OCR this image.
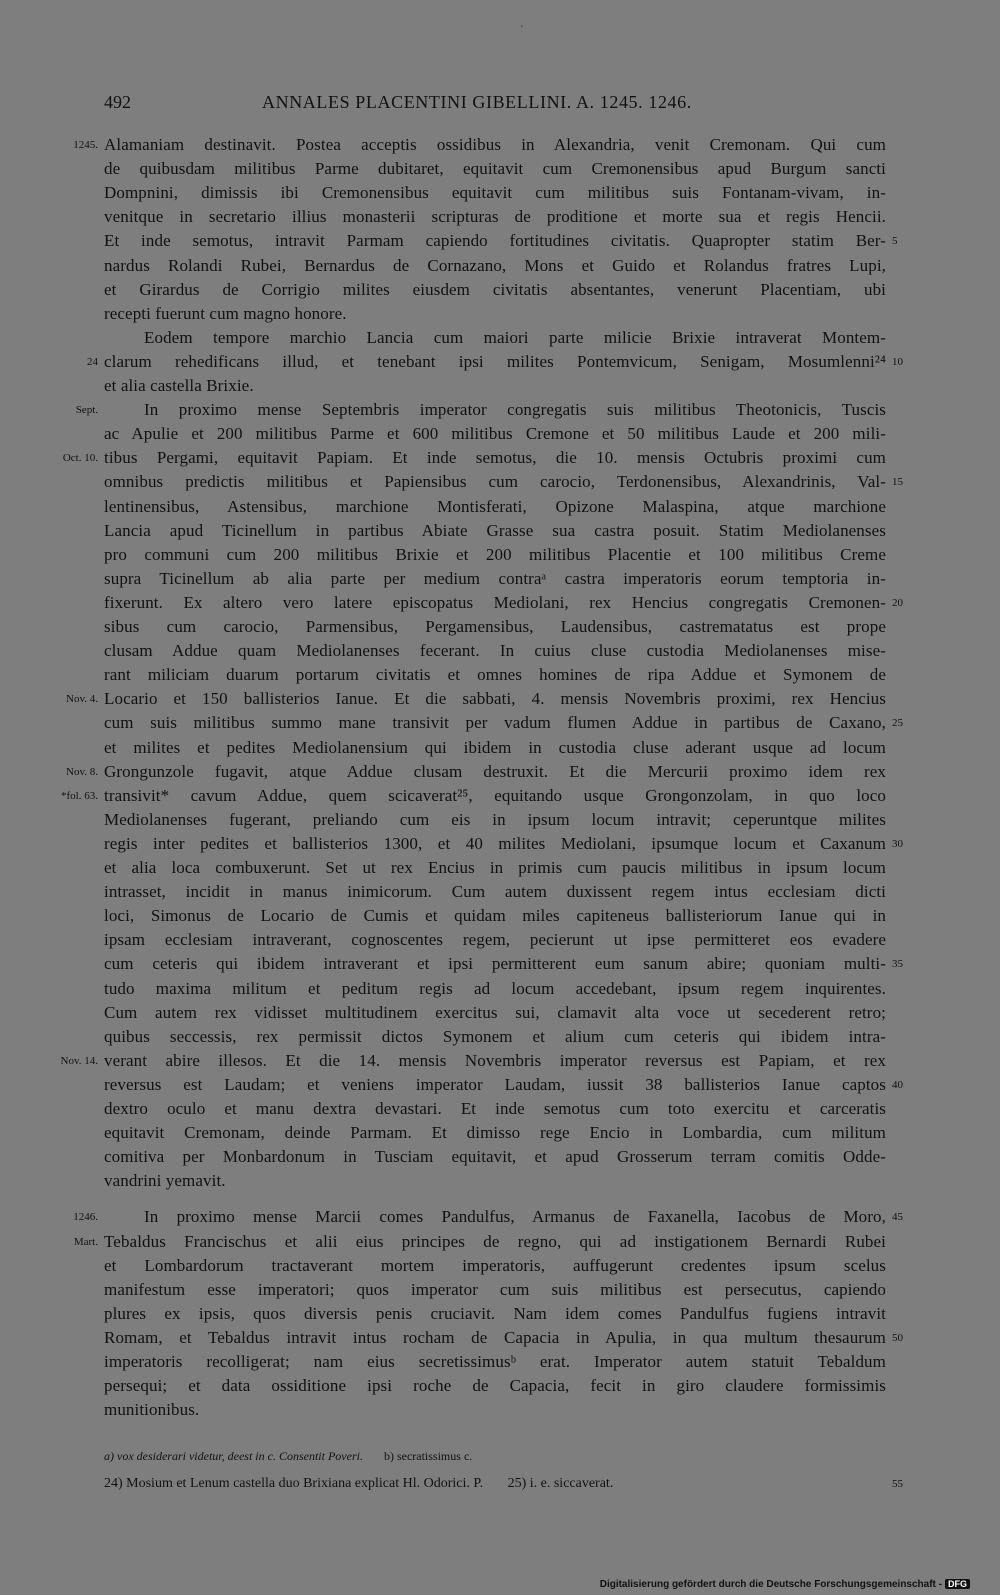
'
492	ANNALES PLACENTINI GIBELLINI. A. 1245. 1246.
Alamaniam destinavit. Postea acceptis ossidibus in Alexandria, venit Cremonam. Qui cum
de quibusdam militibus Parme dubitaret, equitavit cum Cremonensibus apud Burgum sancti
Dompnini, dimissis ibi Cremonensibus equitavit cum militibus suis Fontanam-vivam, in-
venitque in secretario illius monasterii scripturas de proditione et morte sua et regis Hencii.
Et inde semotus, intravit Parmam capiendo fortitudines civitatis. Quapropter statim Ber-
nardus Rolandi Rubei, Bernardus de Cornazano, Mons et Guido et Rolandus fratres Lupi,
et Girardus de Corrigio milites eiusdem civitatis absentantes, venerunt Placentiam, ubi
recepti fuerunt cum magno honore.
Eodem tempore marchio Lancia cum maiori parte milicie Brixie intraverat Montem-
clarum rehedificans illud, et tenebant ipsi milites Pontemvicum, Senigam, Mosumlenni²⁴
et alia castella Brixie.
In proximo mense Septembris imperator congregatis suis militibus Theotonicis, Tuscis
ac Apulie et 200 militibus Parme et 600 militibus Cremone et 50 militibus Laude et 200 mili-
tibus Pergami, equitavit Papiam. Et inde semotus, die 10. mensis Octubris proximi cum
omnibus predictis militibus et Papiensibus cum carocio, Terdonensibus, Alexandrinis, Val-
lentinensibus, Astensibus, marchione Montisferati, Opizone Malaspina, atque marchione
Lancia apud Ticinellum in partibus Abiate Grasse sua castra posuit. Statim Mediolanenses
pro communi cum 200 militibus Brixie et 200 militibus Placentie et 100 militibus Creme
supra Ticinellum ab alia parte per medium contraᵃ castra imperatoris eorum temptoria in-
fixerunt. Ex altero vero latere episcopatus Mediolani, rex Hencius congregatis Cremonen-
sibus cum carocio, Parmensibus, Pergamensibus, Laudensibus, castrematatus est prope
clusam Addue quam Mediolanenses fecerant. In cuius cluse custodia Mediolanenses mise-
rant miliciam duarum portarum civitatis et omnes homines de ripa Addue et Symonem de
Locario et 150 ballisterios Ianue. Et die sabbati, 4. mensis Novembris proximi, rex Hencius
cum suis militibus summo mane transivit per vadum flumen Addue in partibus de Caxano,
et milites et pedites Mediolanensium qui ibidem in custodia cluse aderant usque ad locum
Grongunzole fugavit, atque Addue clusam destruxit. Et die Mercurii proximo idem rex
transivit* cavum Addue, quem scicaverat²⁵, equitando usque Grongonzolam, in quo loco
Mediolanenses fugerant, preliando cum eis in ipsum locum intravit; ceperuntque milites
regis inter pedites et ballisterios 1300, et 40 milites Mediolani, ipsumque locum et Caxanum
et alia loca combuxerunt. Set ut rex Encius in primis cum paucis militibus in ipsum locum
intrasset, incidit in manus inimicorum. Cum autem duxissent regem intus ecclesiam dicti
loci, Simonus de Locario de Cumis et quidam miles capiteneus ballisteriorum Ianue qui in
ipsam ecclesiam intraverant, cognoscentes regem, pecierunt ut ipse permitteret eos evadere
cum ceteris qui ibidem intraverant et ipsi permitterent eum sanum abire; quoniam multi-
tudo maxima militum et peditum regis ad locum accedebant, ipsum regem inquirentes.
Cum autem rex vidisset multitudinem exercitus sui, clamavit alta voce ut secederent retro;
quibus seccessis, rex permissit dictos Symonem et alium cum ceteris qui ibidem intra-
verant abire illesos. Et die 14. mensis Novembris imperator reversus est Papiam, et rex
reversus est Laudam; et veniens imperator Laudam, iussit 38 ballisterios Ianue captos
dextro oculo et manu dextra devastari. Et inde semotus cum toto exercitu et carceratis
equitavit Cremonam, deinde Parmam. Et dimisso rege Encio in Lombardia, cum militum
comitiva per Monbardonum in Tusciam equitavit, et apud Grosserum terram comitis Odde-
vandrini yemavit.
In proximo mense Marcii comes Pandulfus, Armanus de Faxanella, Iacobus de Moro,
Tebaldus Francischus et alii eius principes de regno, qui ad instigationem Bernardi Rubei
et Lombardorum tractaverant mortem imperatoris, auffugerunt credentes ipsum scelus
manifestum esse imperatori; quos imperator cum suis militibus est persecutus, capiendo
plures ex ipsis, quos diversis penis cruciavit. Nam idem comes Pandulfus fugiens intravit
Romam, et Tebaldus intravit intus rocham de Capacia in Apulia, in qua multum thesaurum
imperatoris recolligerat; nam eius secretissimusᵇ erat. Imperator autem statuit Tebaldum
persequi; et data ossiditione ipsi roche de Capacia, fecit in giro claudere formissimis
munitionibus.
1245.
24
Sept.
Oct. 10.
Nov. 4.
Nov. 8.
*fol. 63.
Nov. 14.
1246.
Mart.
5
10
15
20
25
30
35
40
45
50
a) vox desiderari videtur, deest in c. Consentit Poveri. b) secratissimus c.
24) Mosium et Lenum castella duo Brixiana explicat Hl. Odorici. P. 25) i. e. siccaverat.	55
Digitalisierung gefördert durch die Deutsche Forschungsgemeinschaft - DFG
